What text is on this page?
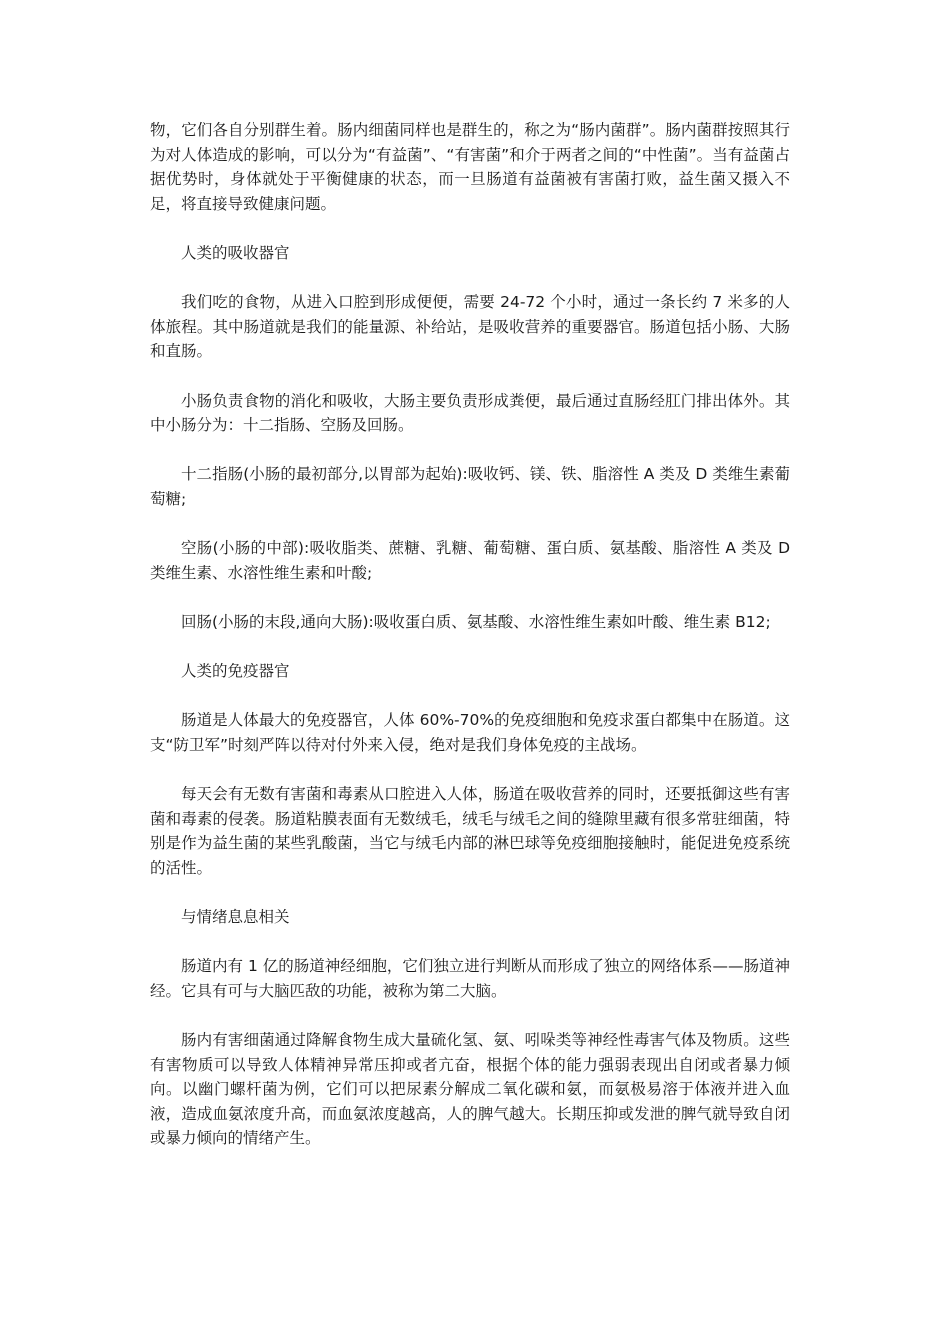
物，它们各自分别群生着。肠内细菌同样也是群生的，称之为“肠内菌群”。肠内菌群按照其行为对人体造成的影响，可以分为“有益菌”、“有害菌”和介于两者之间的“中性菌”。当有益菌占据优势时，身体就处于平衡健康的状态，而一旦肠道有益菌被有害菌打败，益生菌又摄入不足，将直接导致健康问题。

人类的吸收器官

我们吃的食物，从进入口腔到形成便便，需要 24-72 个小时，通过一条长约 7 米多的人体旅程。其中肠道就是我们的能量源、补给站，是吸收营养的重要器官。肠道包括小肠、大肠和直肠。

小肠负责食物的消化和吸收，大肠主要负责形成粪便，最后通过直肠经肛门排出体外。其中小肠分为：十二指肠、空肠及回肠。

十二指肠(小肠的最初部分,以胃部为起始):吸收钙、镁、铁、脂溶性 A 类及 D 类维生素葡萄糖;

空肠(小肠的中部):吸收脂类、蔗糖、乳糖、葡萄糖、蛋白质、氨基酸、脂溶性 A 类及 D 类维生素、水溶性维生素和叶酸;

回肠(小肠的末段,通向大肠):吸收蛋白质、氨基酸、水溶性维生素如叶酸、维生素 B12;

人类的免疫器官

肠道是人体最大的免疫器官，人体 60%-70%的免疫细胞和免疫求蛋白都集中在肠道。这支“防卫军”时刻严阵以待对付外来入侵，绝对是我们身体免疫的主战场。

每天会有无数有害菌和毒素从口腔进入人体，肠道在吸收营养的同时，还要抵御这些有害菌和毒素的侵袭。肠道粘膜表面有无数绒毛，绒毛与绒毛之间的缝隙里藏有很多常驻细菌，特别是作为益生菌的某些乳酸菌，当它与绒毛内部的淋巴球等免疫细胞接触时，能促进免疫系统的活性。

与情绪息息相关

肠道内有 1 亿的肠道神经细胞，它们独立进行判断从而形成了独立的网络体系——肠道神经。它具有可与大脑匹敌的功能，被称为第二大脑。

肠内有害细菌通过降解食物生成大量硫化氢、氨、吲哚类等神经性毒害气体及物质。这些有害物质可以导致人体精神异常压抑或者亢奋，根据个体的能力强弱表现出自闭或者暴力倾向。以幽门螺杆菌为例，它们可以把尿素分解成二氧化碳和氨，而氨极易溶于体液并进入血液，造成血氨浓度升高，而血氨浓度越高，人的脾气越大。长期压抑或发泄的脾气就导致自闭或暴力倾向的情绪产生。
